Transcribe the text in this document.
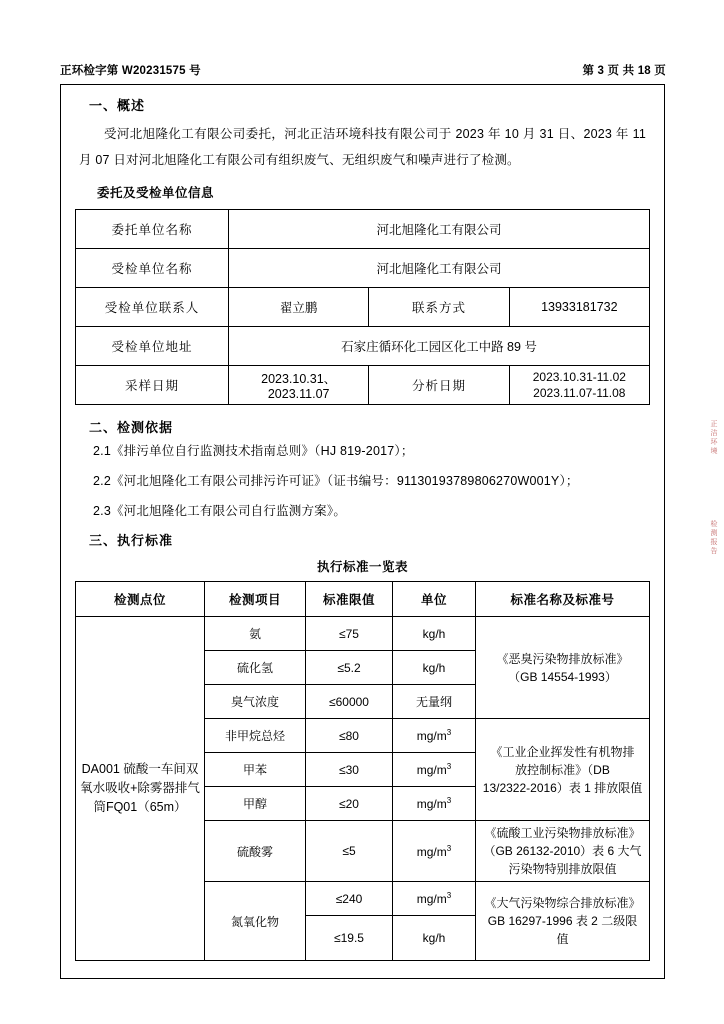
正环检字第 W20231575 号	第 3 页 共 18 页
一、概述
受河北旭隆化工有限公司委托，河北正洁环境科技有限公司于 2023 年 10 月 31 日、2023 年 11 月 07 日对河北旭隆化工有限公司有组织废气、无组织废气和噪声进行了检测。
委托及受检单位信息
委托单位名称	河北旭隆化工有限公司		
受检单位名称	河北旭隆化工有限公司		
受检单位联系人	翟立鹏	联系方式	13933181732
受检单位地址	石家庄循环化工园区化工中路 89 号		
采样日期	2023.10.31、2023.11.07	分析日期	2023.10.31-11.02
2023.11.07-11.08
二、检测依据
2.1《排污单位自行监测技术指南总则》（HJ 819-2017）；
2.2《河北旭隆化工有限公司排污许可证》（证书编号：91130193789806270W001Y）；
2.3《河北旭隆化工有限公司自行监测方案》。
三、执行标准
执行标准一览表
检测点位	检测项目	标准限值	单位	标准名称及标准号
DA001 硫酸一车间双氧水吸收+除雾器排气筒FQ01（65m）	氨	≤75	kg/h	《恶臭污染物排放标准》
（GB 14554-1993）

	硫化氢	≤5.2	kg/h	
	臭气浓度	≤60000	无量纲	
	非甲烷总烃	≤80	$mg/m^3$	《工业企业挥发性有机物排
放控制标准》（DB
13/2322-2016）表 1 排放限值

	甲苯	≤30	$mg/m^3$
	甲醇	≤20	$mg/m^3$
	硫酸雾	≤5	$mg/m^3$	《硫酸工业污染物排放标准》
（GB 26132-2010）表 6 大气
污染物特别排放限值

	氮氧化物	≤240	$mg/m^3$	《大气污染物综合排放标准》
GB 16297-1996 表 2 二级限值

		≤19.5	kg/h	
正洁环境
检测报告
